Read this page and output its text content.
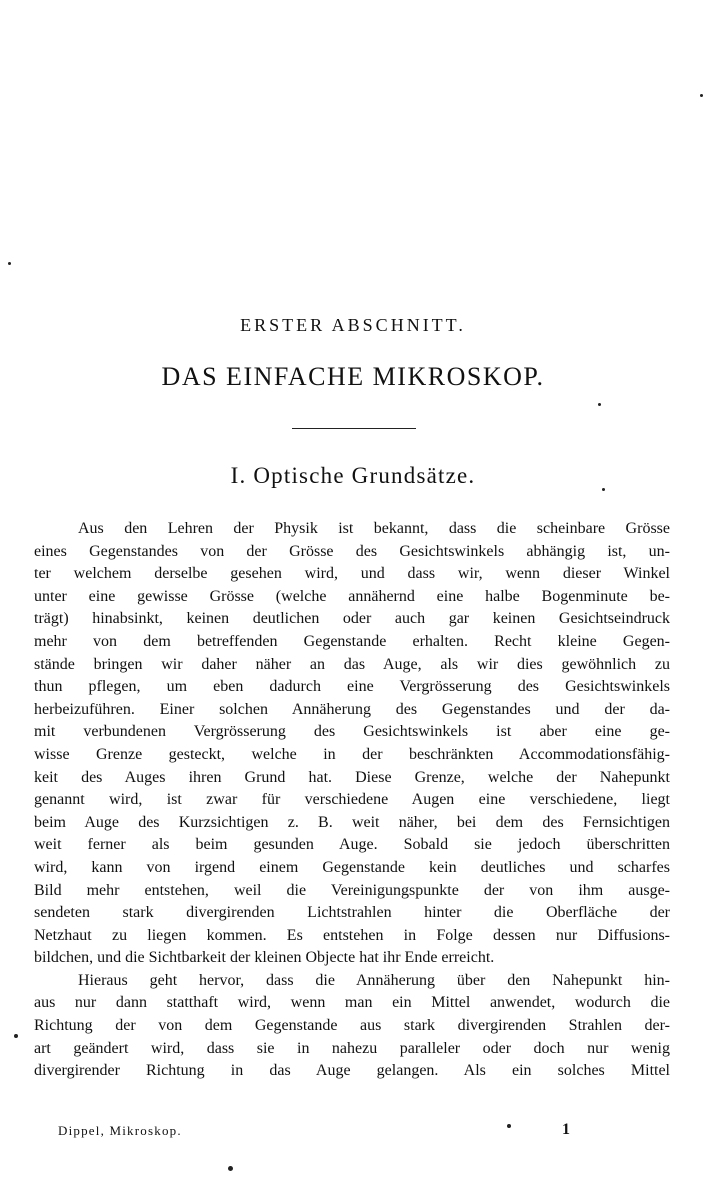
ERSTER ABSCHNITT.
DAS EINFACHE MIKROSKOP.
I. Optische Grundsätze.
Aus den Lehren der Physik ist bekannt, dass die scheinbare Grösse
eines Gegenstandes von der Grösse des Gesichtswinkels abhängig ist, un-
ter welchem derselbe gesehen wird, und dass wir, wenn dieser Winkel
unter eine gewisse Grösse (welche annähernd eine halbe Bogenminute be-
trägt) hinabsinkt, keinen deutlichen oder auch gar keinen Gesichtseindruck
mehr von dem betreffenden Gegenstande erhalten. Recht kleine Gegen-
stände bringen wir daher näher an das Auge, als wir dies gewöhnlich zu
thun pflegen, um eben dadurch eine Vergrösserung des Gesichtswinkels
herbeizuführen. Einer solchen Annäherung des Gegenstandes und der da-
mit verbundenen Vergrösserung des Gesichtswinkels ist aber eine ge-
wisse Grenze gesteckt, welche in der beschränkten Accommodationsfähig-
keit des Auges ihren Grund hat. Diese Grenze, welche der Nahepunkt
genannt wird, ist zwar für verschiedene Augen eine verschiedene, liegt
beim Auge des Kurzsichtigen z. B. weit näher, bei dem des Fernsichtigen
weit ferner als beim gesunden Auge. Sobald sie jedoch überschritten
wird, kann von irgend einem Gegenstande kein deutliches und scharfes
Bild mehr entstehen, weil die Vereinigungspunkte der von ihm ausge-
sendeten stark divergirenden Lichtstrahlen hinter die Oberfläche der
Netzhaut zu liegen kommen. Es entstehen in Folge dessen nur Diffusions-
bildchen, und die Sichtbarkeit der kleinen Objecte hat ihr Ende erreicht.
Hieraus geht hervor, dass die Annäherung über den Nahepunkt hin-
aus nur dann statthaft wird, wenn man ein Mittel anwendet, wodurch die
Richtung der von dem Gegenstande aus stark divergirenden Strahlen der-
art geändert wird, dass sie in nahezu paralleler oder doch nur wenig
divergirender Richtung in das Auge gelangen. Als ein solches Mittel
Dippel, Mikroskop.	1
